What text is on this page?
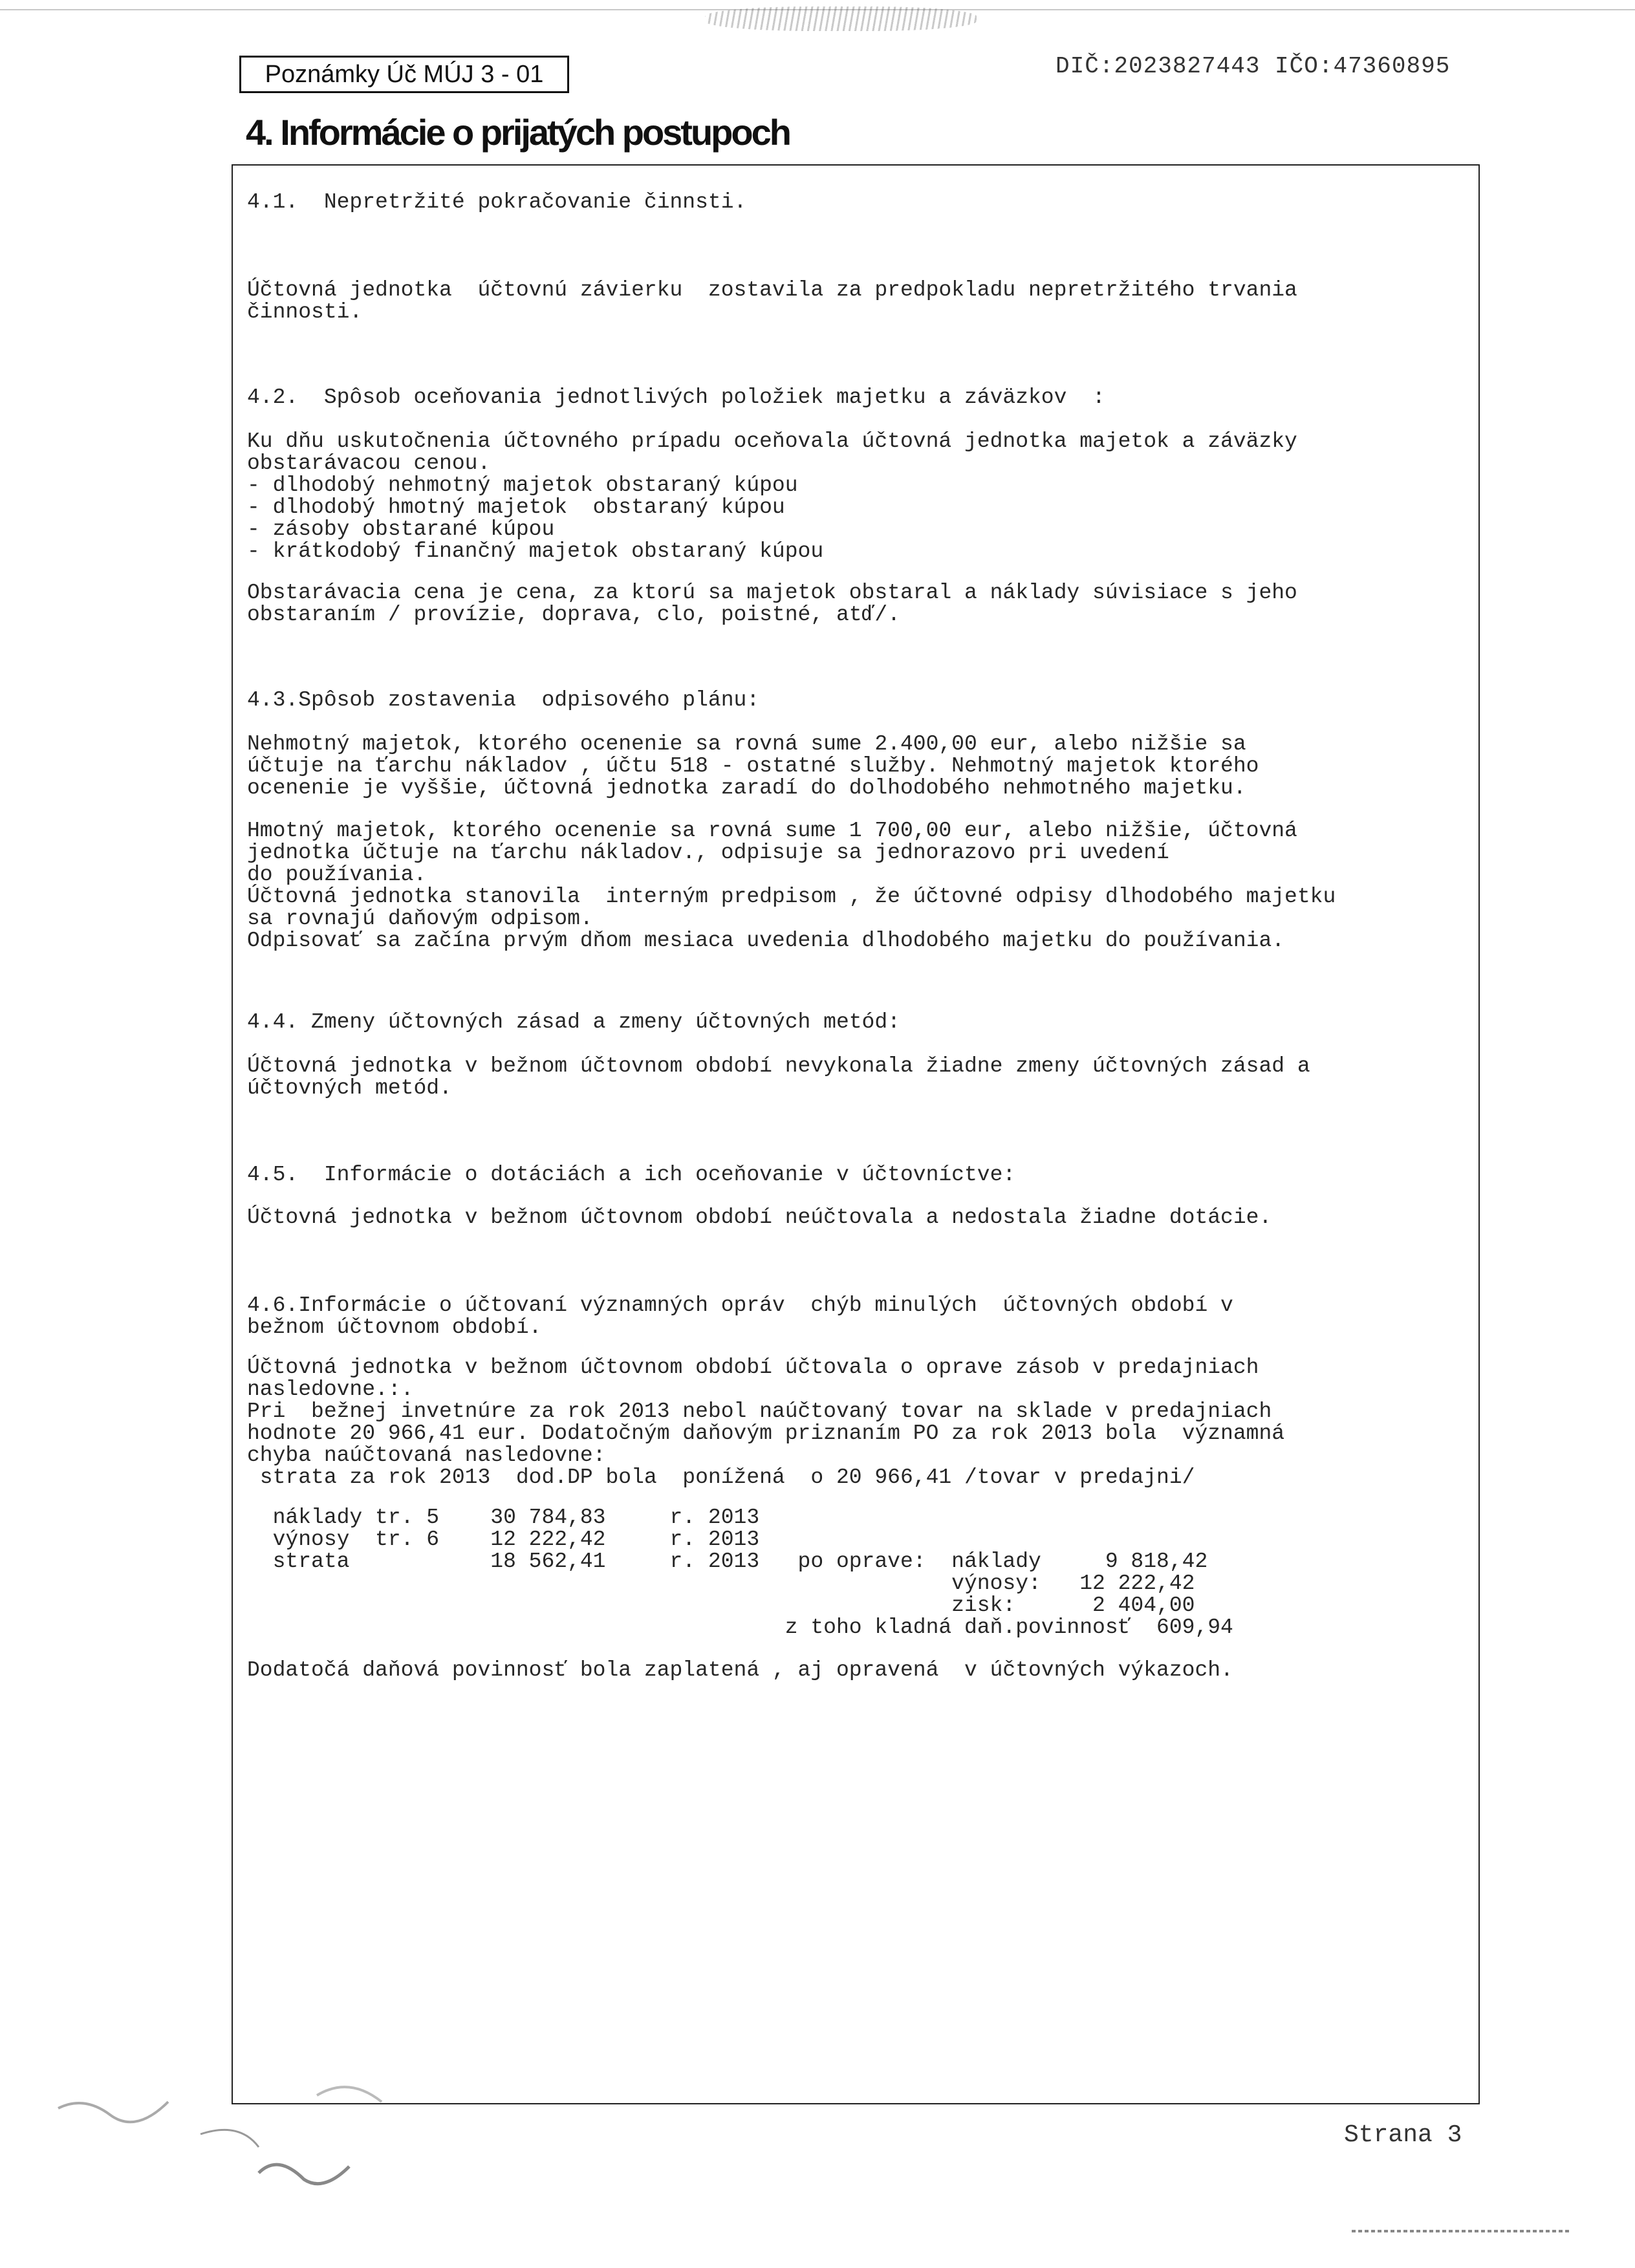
Poznámky Úč MÚJ 3 - 01	DIČ:2023827443 IČO:47360895
4. Informácie o prijatých postupoch
4.1.  Nepretržité pokračovanie činnsti.
Účtovná jednotka  účtovnú závierku  zostavila za predpokladu nepretržitého trvania
činnosti.
4.2.  Spôsob oceňovania jednotlivých položiek majetku a záväzkov  :
Ku dňu uskutočnenia účtovného prípadu oceňovala účtovná jednotka majetok a záväzky
obstarávacou cenou.
- dlhodobý nehmotný majetok obstaraný kúpou
- dlhodobý hmotný majetok  obstaraný kúpou
- zásoby obstarané kúpou
- krátkodobý finančný majetok obstaraný kúpou
Obstarávacia cena je cena, za ktorú sa majetok obstaral a náklady súvisiace s jeho
obstaraním / provízie, doprava, clo, poistné, atď/.
4.3.Spôsob zostavenia  odpisového plánu:
Nehmotný majetok, ktorého ocenenie sa rovná sume 2.400,00 eur, alebo nižšie sa
účtuje na ťarchu nákladov , účtu 518 - ostatné služby. Nehmotný majetok ktorého
ocenenie je vyššie, účtovná jednotka zaradí do dolhodobého nehmotného majetku.
Hmotný majetok, ktorého ocenenie sa rovná sume 1 700,00 eur, alebo nižšie, účtovná
jednotka účtuje na ťarchu nákladov., odpisuje sa jednorazovo pri uvedení
do používania.
Účtovná jednotka stanovila  interným predpisom , že účtovné odpisy dlhodobého majetku
sa rovnajú daňovým odpisom.
Odpisovať sa začína prvým dňom mesiaca uvedenia dlhodobého majetku do používania.
4.4. Zmeny účtovných zásad a zmeny účtovných metód:
Účtovná jednotka v bežnom účtovnom období nevykonala žiadne zmeny účtovných zásad a
účtovných metód.
4.5.  Informácie o dotáciách a ich oceňovanie v účtovníctve:
Účtovná jednotka v bežnom účtovnom období neúčtovala a nedostala žiadne dotácie.
4.6.Informácie o účtovaní významných opráv  chýb minulých  účtovných období v
bežnom účtovnom období.
Účtovná jednotka v bežnom účtovnom období účtovala o oprave zásob v predajniach
nasledovne.:.
Pri  bežnej invetnúre za rok 2013 nebol naúčtovaný tovar na sklade v predajniach
hodnote 20 966,41 eur. Dodatočným daňovým priznaním PO za rok 2013 bola  významná
chyba naúčtovaná nasledovne:
strata za rok 2013  dod.DP bola  ponížená  o 20 966,41 /tovar v predajni/
náklady tr. 5    30 784,83     r. 2013
výnosy  tr. 6    12 222,42     r. 2013
strata           18 562,41     r. 2013   po oprave:  náklady     9 818,42
výnosy:   12 222,42
zisk:      2 404,00
z toho kladná daň.povinnosť  609,94
Dodatočá daňová povinnosť bola zaplatená , aj opravená  v účtovných výkazoch.
Strana 3
